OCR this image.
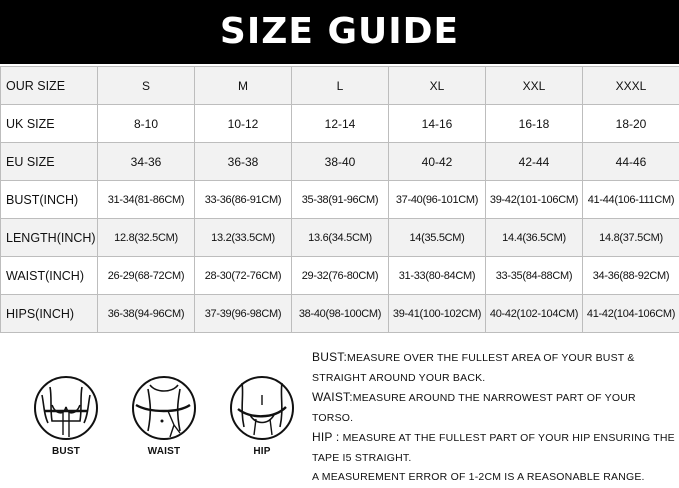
SIZE GUIDE
OUR SIZE	S	M	L	XL	XXL	XXXL
UK SIZE	8-10	10-12	12-14	14-16	16-18	18-20
EU SIZE	34-36	36-38	38-40	40-42	42-44	44-46
BUST(INCH)	31-34(81-86CM)	33-36(86-91CM)	35-38(91-96CM)	37-40(96-101CM)	39-42(101-106CM)	41-44(106-111CM)
LENGTH(INCH)	12.8(32.5CM)	13.2(33.5CM)	13.6(34.5CM)	14(35.5CM)	14.4(36.5CM)	14.8(37.5CM)
WAIST(INCH)	26-29(68-72CM)	28-30(72-76CM)	29-32(76-80CM)	31-33(80-84CM)	33-35(84-88CM)	34-36(88-92CM)
HIPS(INCH)	36-38(94-96CM)	37-39(96-98CM)	38-40(98-100CM)	39-41(100-102CM)	40-42(102-104CM)	41-42(104-106CM)
BUST	WAIST	HIP

BUST:MEASURE OVER THE FULLEST AREA OF YOUR BUST & STRAIGHT AROUND YOUR BACK.

WAIST:MEASURE AROUND THE NARROWEST PART OF YOUR TORSO.

HIP : MEASURE AT THE FULLEST PART OF YOUR HIP ENSURING THE TAPE I5 STRAIGHT.

A MEASUREMENT ERROR OF 1-2CM IS A REASONABLE RANGE.
